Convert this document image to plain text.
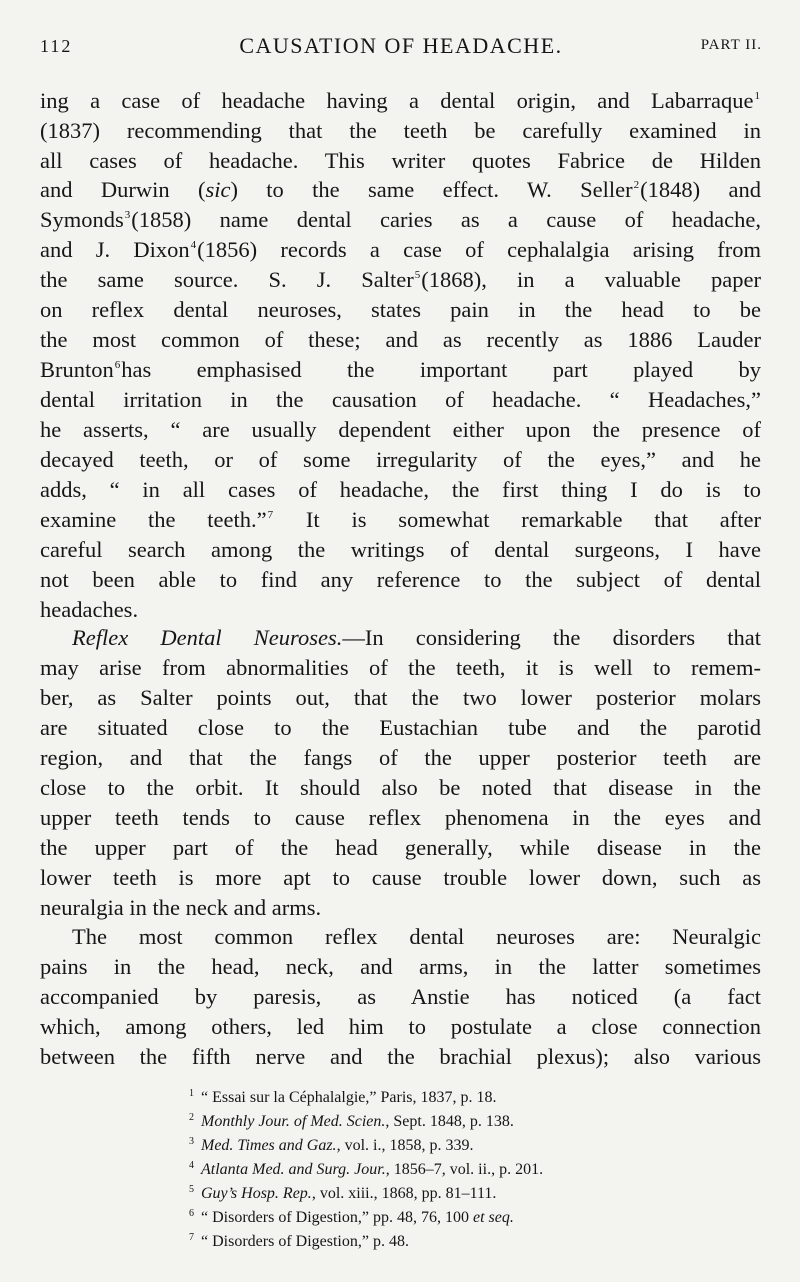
112	CAUSATION OF HEADACHE.	PART II.
ing a case of headache having a dental origin, and Labarraque$^1$
(1837) recommending that the teeth be carefully examined in
all cases of headache. This writer quotes Fabrice de Hilden
and Durwin (sic) to the same effect. W. Seller$^2$(1848) and
Symonds$^3$(1858) name dental caries as a cause of headache,
and J. Dixon$^4$(1856) records a case of cephalalgia arising from
the same source. S. J. Salter$^5$(1868), in a valuable paper
on reflex dental neuroses, states pain in the head to be
the most common of these; and as recently as 1886 Lauder
Brunton$^6$has emphasised the important part played by
dental irritation in the causation of headache. “ Headaches,”
he asserts, “ are usually dependent either upon the presence of
decayed teeth, or of some irregularity of the eyes,” and he
adds, “ in all cases of headache, the first thing I do is to
examine the teeth.”$^7$ It is somewhat remarkable that after
careful search among the writings of dental surgeons, I have
not been able to find any reference to the subject of dental
headaches.
Reflex Dental Neuroses.—In considering the disorders that
may arise from abnormalities of the teeth, it is well to remem-
ber, as Salter points out, that the two lower posterior molars
are situated close to the Eustachian tube and the parotid
region, and that the fangs of the upper posterior teeth are
close to the orbit. It should also be noted that disease in the
upper teeth tends to cause reflex phenomena in the eyes and
the upper part of the head generally, while disease in the
lower teeth is more apt to cause trouble lower down, such as
neuralgia in the neck and arms.
The most common reflex dental neuroses are: Neuralgic
pains in the head, neck, and arms, in the latter sometimes
accompanied by paresis, as Anstie has noticed (a fact
which, among others, led him to postulate a close connection
between the fifth nerve and the brachial plexus); also various
$^1$ “ Essai sur la Céphalalgie,” Paris, 1837, p. 18.
$^2$ Monthly Jour. of Med. Scien., Sept. 1848, p. 138.
$^3$ Med. Times and Gaz., vol. i., 1858, p. 339.
$^4$ Atlanta Med. and Surg. Jour., 1856–7, vol. ii., p. 201.
$^5$ Guy’s Hosp. Rep., vol. xiii., 1868, pp. 81–111.
$^6$ “ Disorders of Digestion,” pp. 48, 76, 100 et seq.
$^7$ “ Disorders of Digestion,” p. 48.
